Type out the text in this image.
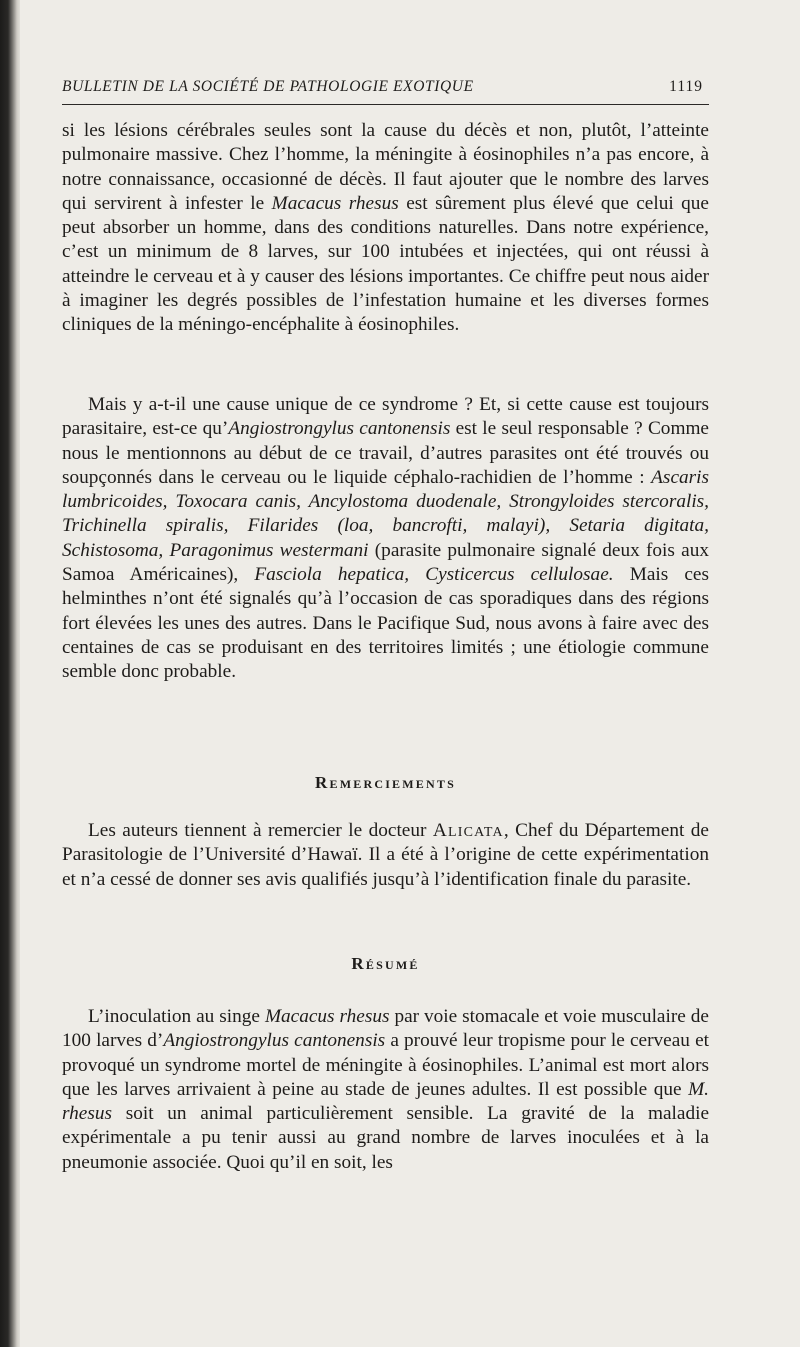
BULLETIN DE LA SOCIÉTÉ DE PATHOLOGIE EXOTIQUE	1119

si les lésions cérébrales seules sont la cause du décès et non, plutôt, l’atteinte pulmonaire massive. Chez l’homme, la méningite à éosinophiles n’a pas encore, à notre connaissance, occasionné de décès. Il faut ajouter que le nombre des larves qui servirent à infester le Macacus rhesus est sûrement plus élevé que celui que peut absorber un homme, dans des conditions naturelles. Dans notre expérience, c’est un minimum de 8 larves, sur 100 intubées et injectées, qui ont réussi à atteindre le cerveau et à y causer des lésions importantes. Ce chiffre peut nous aider à imaginer les degrés possibles de l’infestation humaine et les diverses formes cliniques de la méningo-encéphalite à éosinophiles.

Mais y a-t-il une cause unique de ce syndrome ? Et, si cette cause est toujours parasitaire, est-ce qu’Angiostrongylus cantonensis est le seul responsable ? Comme nous le mentionnons au début de ce travail, d’autres parasites ont été trouvés ou soupçonnés dans le cerveau ou le liquide céphalo-rachidien de l’homme : Ascaris lumbricoides, Toxocara canis, Ancylostoma duodenale, Strongyloides stercoralis, Trichinella spiralis, Filarides (loa, bancrofti, malayi), Setaria digitata, Schistosoma, Paragonimus westermani (parasite pulmonaire signalé deux fois aux Samoa Américaines), Fasciola hepatica, Cysticercus cellulosae. Mais ces helminthes n’ont été signalés qu’à l’occasion de cas sporadiques dans des régions fort élevées les unes des autres. Dans le Pacifique Sud, nous avons à faire avec des centaines de cas se produisant en des territoires limités ; une étiologie commune semble donc probable.

Remerciements

Les auteurs tiennent à remercier le docteur Alicata, Chef du Département de Parasitologie de l’Université d’Hawaï. Il a été à l’origine de cette expérimentation et n’a cessé de donner ses avis qualifiés jusqu’à l’identification finale du parasite.

Résumé

L’inoculation au singe Macacus rhesus par voie stomacale et voie musculaire de 100 larves d’Angiostrongylus cantonensis a prouvé leur tropisme pour le cerveau et provoqué un syndrome mortel de méningite à éosinophiles. L’animal est mort alors que les larves arrivaient à peine au stade de jeunes adultes. Il est possible que M. rhesus soit un animal particulièrement sensible. La gravité de la maladie expérimentale a pu tenir aussi au grand nombre de larves inoculées et à la pneumonie associée. Quoi qu’il en soit, les
